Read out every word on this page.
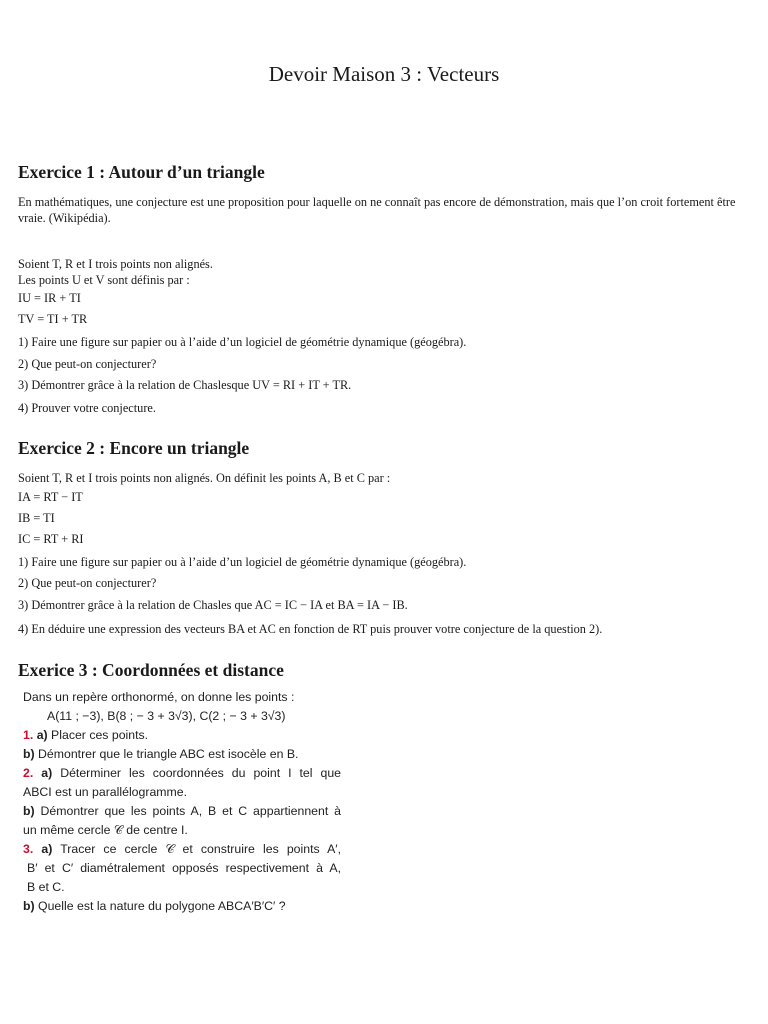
Devoir Maison 3 : Vecteurs
Exercice 1 : Autour d’un triangle
En mathématiques, une conjecture est une proposition pour laquelle on ne connaît pas encore de démonstration, mais que l’on croit fortement être vraie. (Wikipédia).
Soient T, R et I trois points non alignés.
Les points U et V sont définis par :
IU = IR + TI
TV = TI + TR
1) Faire une figure sur papier ou à l’aide d’un logiciel de géométrie dynamique (géogébra).
2) Que peut-on conjecturer?
3) Démontrer grâce à la relation de Chaslesque UV = RI + IT + TR.
4) Prouver votre conjecture.
Exercice 2 : Encore un triangle
Soient T, R et I trois points non alignés. On définit les points A, B et C par :
IA = RT − IT
IB = TI
IC = RT + RI
1) Faire une figure sur papier ou à l’aide d’un logiciel de géométrie dynamique (géogébra).
2) Que peut-on conjecturer?
3) Démontrer grâce à la relation de Chasles que AC = IC − IA et BA = IA − IB.
4) En déduire une expression des vecteurs BA et AC en fonction de RT puis prouver votre conjecture de la question 2).
Exerice 3 : Coordonnées et distance
Dans un repère orthonormé, on donne les points :
A(11 ; −3), B(8 ; − 3 + 3√3), C(2 ; − 3 + 3√3)
1. a) Placer ces points.
b) Démontrer que le triangle ABC est isocèle en B.
2. a) Déterminer les coordonnées du point I tel que
ABCI est un parallélogramme.
b) Démontrer que les points A, B et C appartiennent à
un même cercle 𝒞 de centre I.
3. a) Tracer ce cercle 𝒞 et construire les points A′,
B′ et C′ diamétralement opposés respectivement à A,
B et C.
b) Quelle est la nature du polygone ABCA′B′C′ ?
